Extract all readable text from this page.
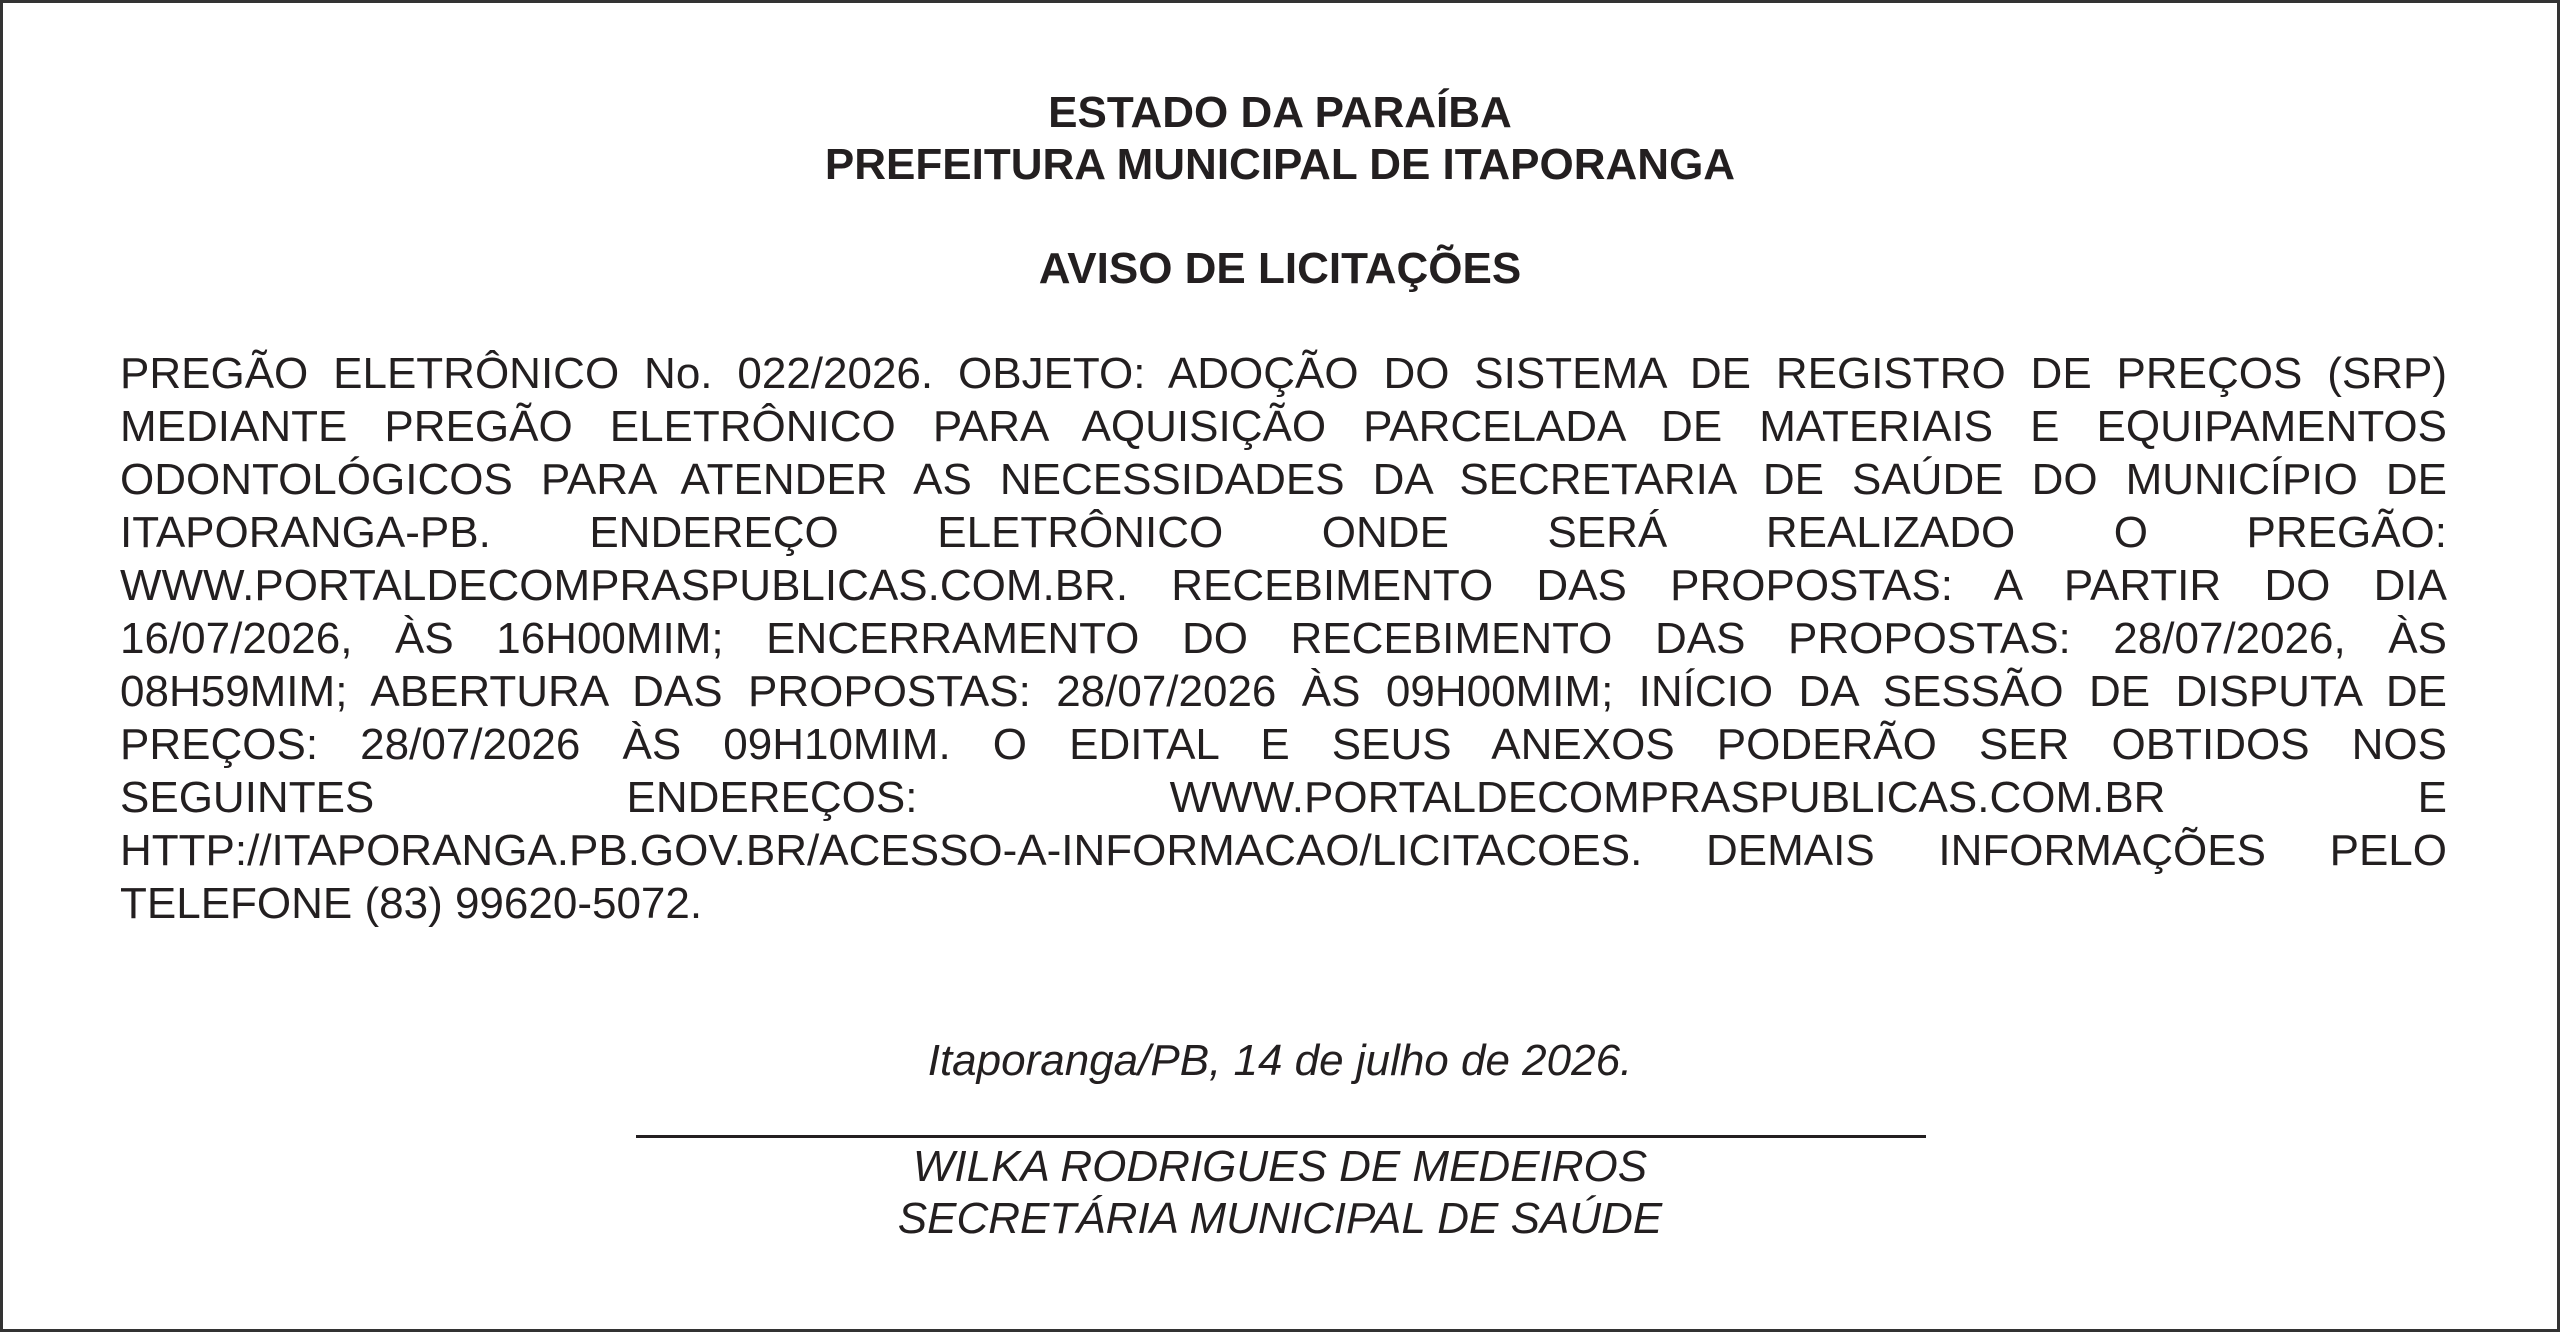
ESTADO DA PARAÍBA
PREFEITURA MUNICIPAL DE ITAPORANGA
AVISO DE LICITAÇÕES
PREGÃO ELETRÔNICO No. 022/2026. OBJETO: ADOÇÃO DO SISTEMA DE REGISTRO DE PREÇOS (SRP)
MEDIANTE PREGÃO ELETRÔNICO PARA AQUISIÇÃO PARCELADA DE MATERIAIS E EQUIPAMENTOS
ODONTOLÓGICOS PARA ATENDER AS NECESSIDADES DA SECRETARIA DE SAÚDE DO MUNICÍPIO DE
ITAPORANGA-PB. ENDEREÇO ELETRÔNICO ONDE SERÁ REALIZADO O PREGÃO:
WWW.PORTALDECOMPRASPUBLICAS.COM.BR. RECEBIMENTO DAS PROPOSTAS: A PARTIR DO DIA
16/07/2026, ÀS 16H00MIM; ENCERRAMENTO DO RECEBIMENTO DAS PROPOSTAS: 28/07/2026, ÀS
08H59MIM; ABERTURA DAS PROPOSTAS: 28/07/2026 ÀS 09H00MIM; INÍCIO DA SESSÃO DE DISPUTA DE
PREÇOS: 28/07/2026 ÀS 09H10MIM. O EDITAL E SEUS ANEXOS PODERÃO SER OBTIDOS NOS
SEGUINTES ENDEREÇOS: WWW.PORTALDECOMPRASPUBLICAS.COM.BR E
HTTP://ITAPORANGA.PB.GOV.BR/ACESSO-A-INFORMACAO/LICITACOES. DEMAIS INFORMAÇÕES PELO
TELEFONE (83) 99620-5072.
Itaporanga/PB, 14 de julho de 2026.
WILKA RODRIGUES DE MEDEIROS
SECRETÁRIA MUNICIPAL DE SAÚDE
